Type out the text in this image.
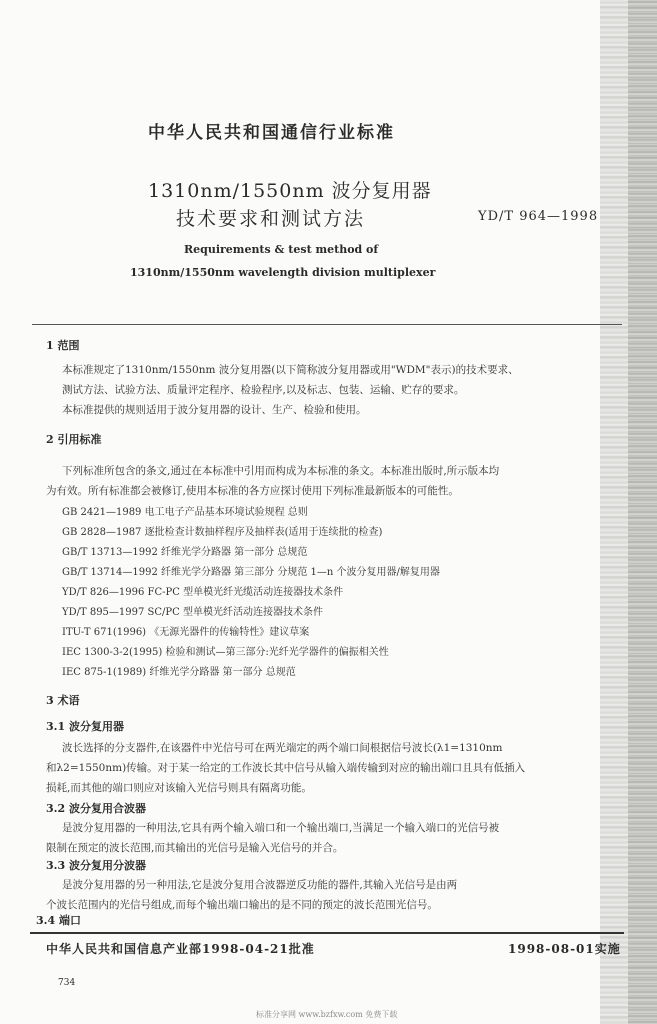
中华人民共和国通信行业标准
1310nm/1550nm 波分复用器
技术要求和测试方法	YD/T 964—1998
Requirements & test method of
1310nm/1550nm wavelength division multiplexer
1 范围
本标准规定了1310nm/1550nm 波分复用器(以下简称波分复用器或用"WDM"表示)的技术要求、
测试方法、试验方法、质量评定程序、检验程序,以及标志、包装、运输、贮存的要求。
本标准提供的规则适用于波分复用器的设计、生产、检验和使用。
2 引用标准
下列标准所包含的条文,通过在本标准中引用而构成为本标准的条文。本标准出版时,所示版本均
为有效。所有标准都会被修订,使用本标准的各方应探讨使用下列标准最新版本的可能性。
GB 2421—1989 电工电子产品基本环境试验规程 总则
GB 2828—1987 逐批检查计数抽样程序及抽样表(适用于连续批的检查)
GB/T 13713—1992 纤维光学分路器 第一部分 总规范
GB/T 13714—1992 纤维光学分路器 第三部分 分规范 1—n 个波分复用器/解复用器
YD/T 826—1996 FC-PC 型单模光纤光缆活动连接器技术条件
YD/T 895—1997 SC/PC 型单模光纤活动连接器技术条件
ITU-T 671(1996) 《无源光器件的传输特性》建议草案
IEC 1300-3-2(1995) 检验和测试—第三部分:光纤光学器件的偏振相关性
IEC 875-1(1989) 纤维光学分路器 第一部分 总规范
3 术语
3.1 波分复用器
波长选择的分支器件,在该器件中光信号可在两光端定的两个端口间根据信号波长(λ1=1310nm
和λ2=1550nm)传输。对于某一给定的工作波长其中信号从输入端传输到对应的输出端口且具有低插入
损耗,而其他的端口则应对该输入光信号则具有隔离功能。
3.2 波分复用合波器
是波分复用器的一种用法,它具有两个输入端口和一个输出端口,当满足一个输入端口的光信号被
限制在预定的波长范围,而其输出的光信号是输入光信号的并合。
3.3 波分复用分波器
是波分复用器的另一种用法,它是波分复用合波器逆反功能的器件,其输入光信号是由两
个波长范围内的光信号组成,而每个输出端口输出的是不同的预定的波长范围光信号。
3.4 端口
中华人民共和国信息产业部1998-04-21批准	1998-08-01实施
734
标准分享网 www.bzfxw.com 免费下载
